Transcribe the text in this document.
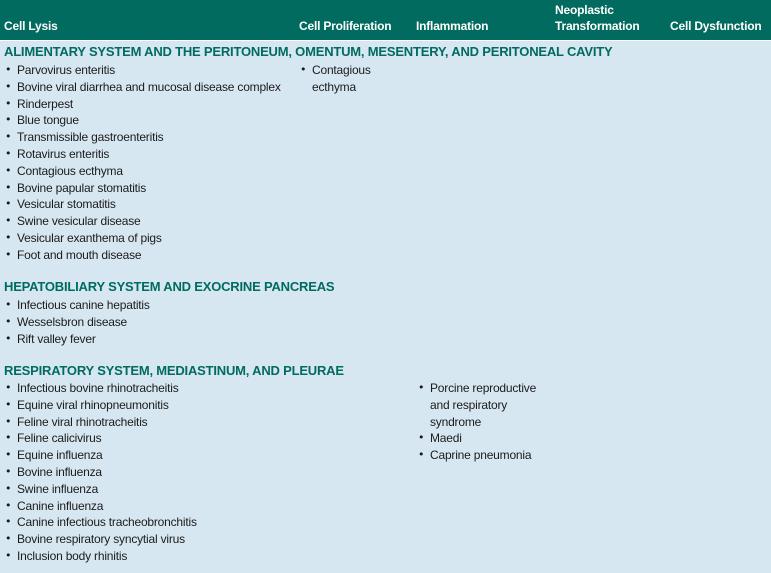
Cell Lysis	Cell Proliferation Inflammation
Neoplastic
Transformation	Cell Dysfunction
ALIMENTARY SYSTEM AND THE PERITONEUM, OMENTUM, MESENTERY, AND PERITONEAL CAVITY
• Parvovirus enteritis
• Bovine viral diarrhea and mucosal disease complex
• Rinderpest
• Blue tongue
• Transmissible gastroenteritis
• Rotavirus enteritis
• Contagious ecthyma
• Bovine papular stomatitis
• Vesicular stomatitis
• Swine vesicular disease
• Vesicular exanthema of pigs
• Foot and mouth disease
• Contagious ecthyma
HEPATOBILIARY SYSTEM AND EXOCRINE PANCREAS
• Infectious canine hepatitis
• Wesselsbron disease
• Rift valley fever
RESPIRATORY SYSTEM, MEDIASTINUM, AND PLEURAE
• Infectious bovine rhinotracheitis
• Equine viral rhinopneumonitis
• Feline viral rhinotracheitis
• Feline calicivirus
• Equine influenza
• Bovine influenza
• Swine influenza
• Canine influenza
• Canine infectious tracheobronchitis
• Bovine respiratory syncytial virus
• Inclusion body rhinitis
• Porcine reproductive and respiratory syndrome
• Maedi
• Caprine pneumonia
